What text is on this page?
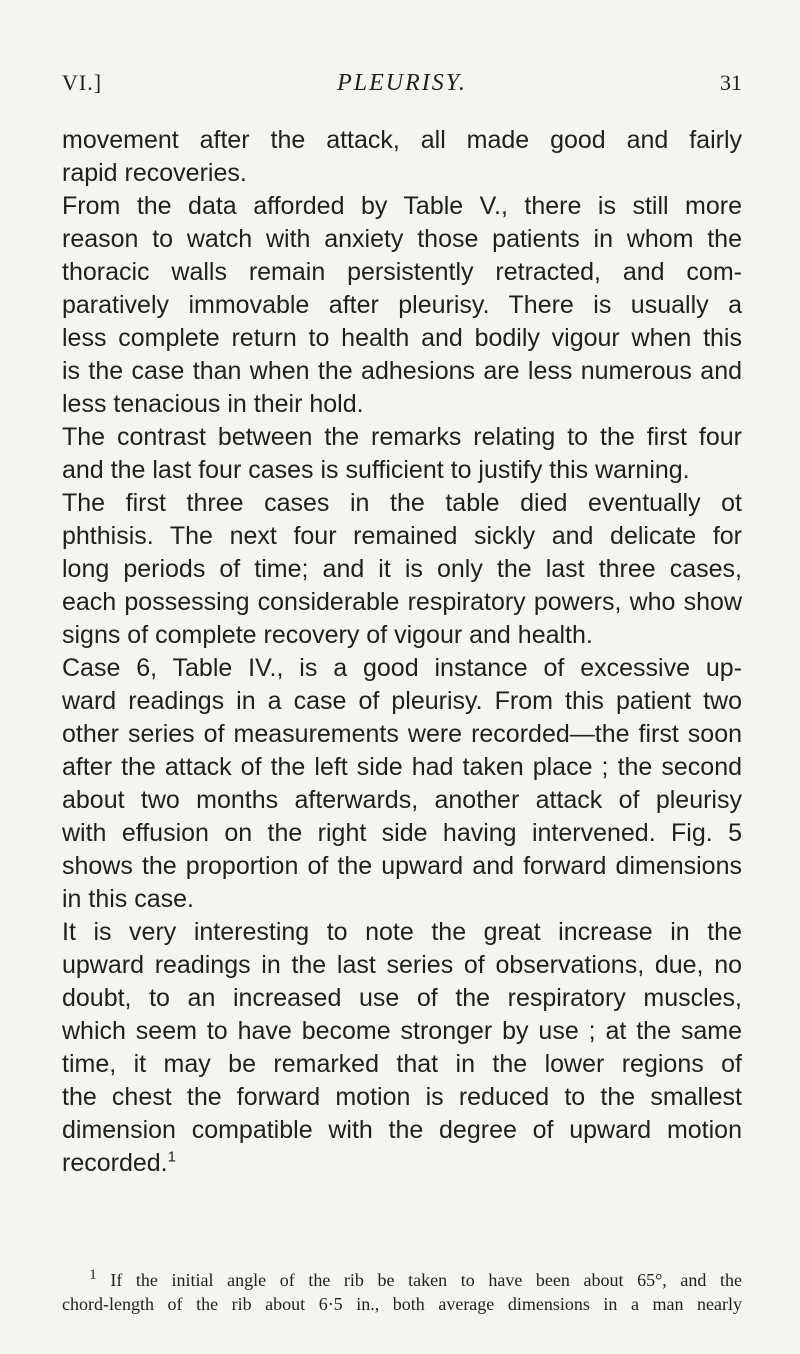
VI.]	PLEURISY.	31
movement after the attack, all made good and fairly
rapid recoveries.
From the data afforded by Table V., there is still more
reason to watch with anxiety those patients in whom the
thoracic walls remain persistently retracted, and com-
paratively immovable after pleurisy. There is usually a
less complete return to health and bodily vigour when this
is the case than when the adhesions are less numerous and
less tenacious in their hold.
The contrast between the remarks relating to the first four
and the last four cases is sufficient to justify this warning.
The first three cases in the table died eventually ot
phthisis. The next four remained sickly and delicate for
long periods of time; and it is only the last three cases,
each possessing considerable respiratory powers, who show
signs of complete recovery of vigour and health.
Case 6, Table IV., is a good instance of excessive up-
ward readings in a case of pleurisy. From this patient two
other series of measurements were recorded—the first soon
after the attack of the left side had taken place ; the second
about two months afterwards, another attack of pleurisy
with effusion on the right side having intervened. Fig. 5
shows the proportion of the upward and forward dimensions
in this case.
It is very interesting to note the great increase in the
upward readings in the last series of observations, due, no
doubt, to an increased use of the respiratory muscles,
which seem to have become stronger by use ; at the same
time, it may be remarked that in the lower regions of
the chest the forward motion is reduced to the smallest
dimension compatible with the degree of upward motion
recorded.$^1$
$^1$ If the initial angle of the rib be taken to have been about 65°, and the
chord-length of the rib about 6·5 in., both average dimensions in a man nearly
